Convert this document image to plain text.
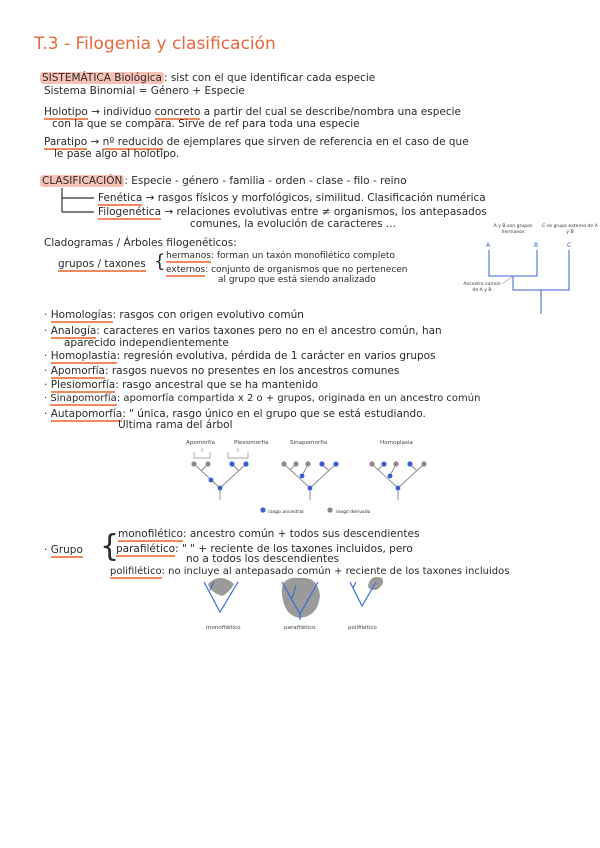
T.3 - Filogenia y clasificación
SISTEMÁTICA Biológica : sist con el que identificar cada especie
Sistema Binomial = Género + Especie
Holotipo → individuo concreto a partir del cual se describe/nombra una especie
con la que se compara. Sirve de ref para toda una especie
Paratipo → nº reducido de ejemplares que sirven de referencia en el caso de que
le pase algo al holotipo.
CLASIFICACIÓN : Especie - género - familia - orden - clase - filo - reino
Fenética → rasgos físicos y morfológicos, similitud. Clasificación numérica
Filogenética → relaciones evolutivas entre ≠ organismos, los antepasados
comunes, la evolución de caracteres ...
Cladogramas / Árboles filogenéticos:
grupos / taxones { hermanos: forman un taxón monofilético completo
externos: conjunto de organismos que no pertenecen
al grupo que está siendo analizado
A y B son grupos hermanos
C es grupo externo de A y B
A	B	C
Ancestro común de A y B
· Homologías: rasgos con origen evolutivo común
· Analogía: caracteres en varios taxones pero no en el ancestro común, han
aparecido independientemente
· Homoplastia: regresión evolutiva, pérdida de 1 carácter en varios grupos
· Apomorfía: rasgos nuevos no presentes en los ancestros comunes
· Plesiomorfía: rasgo ancestral que se ha mantenido
· Sinapomorfía: apomorfía compartida x 2 o + grupos, originada en un ancestro común
· Autapomorfía: " única, rasgo único en el grupo que se está estudiando.
Última rama del árbol
Apomorfía	Plesiomorfía	Sinapomorfía	Homoplasia
rasgo ancestral	rasgo derivado
· Grupo {
monofilético: ancestro común + todos sus descendientes
parafilético: " " + reciente de los taxones incluidos, pero
no a todos los descendientes
polifilético: no incluye al antepasado común + reciente de los taxones incluidos
monofilético	parafilético	polifilético
